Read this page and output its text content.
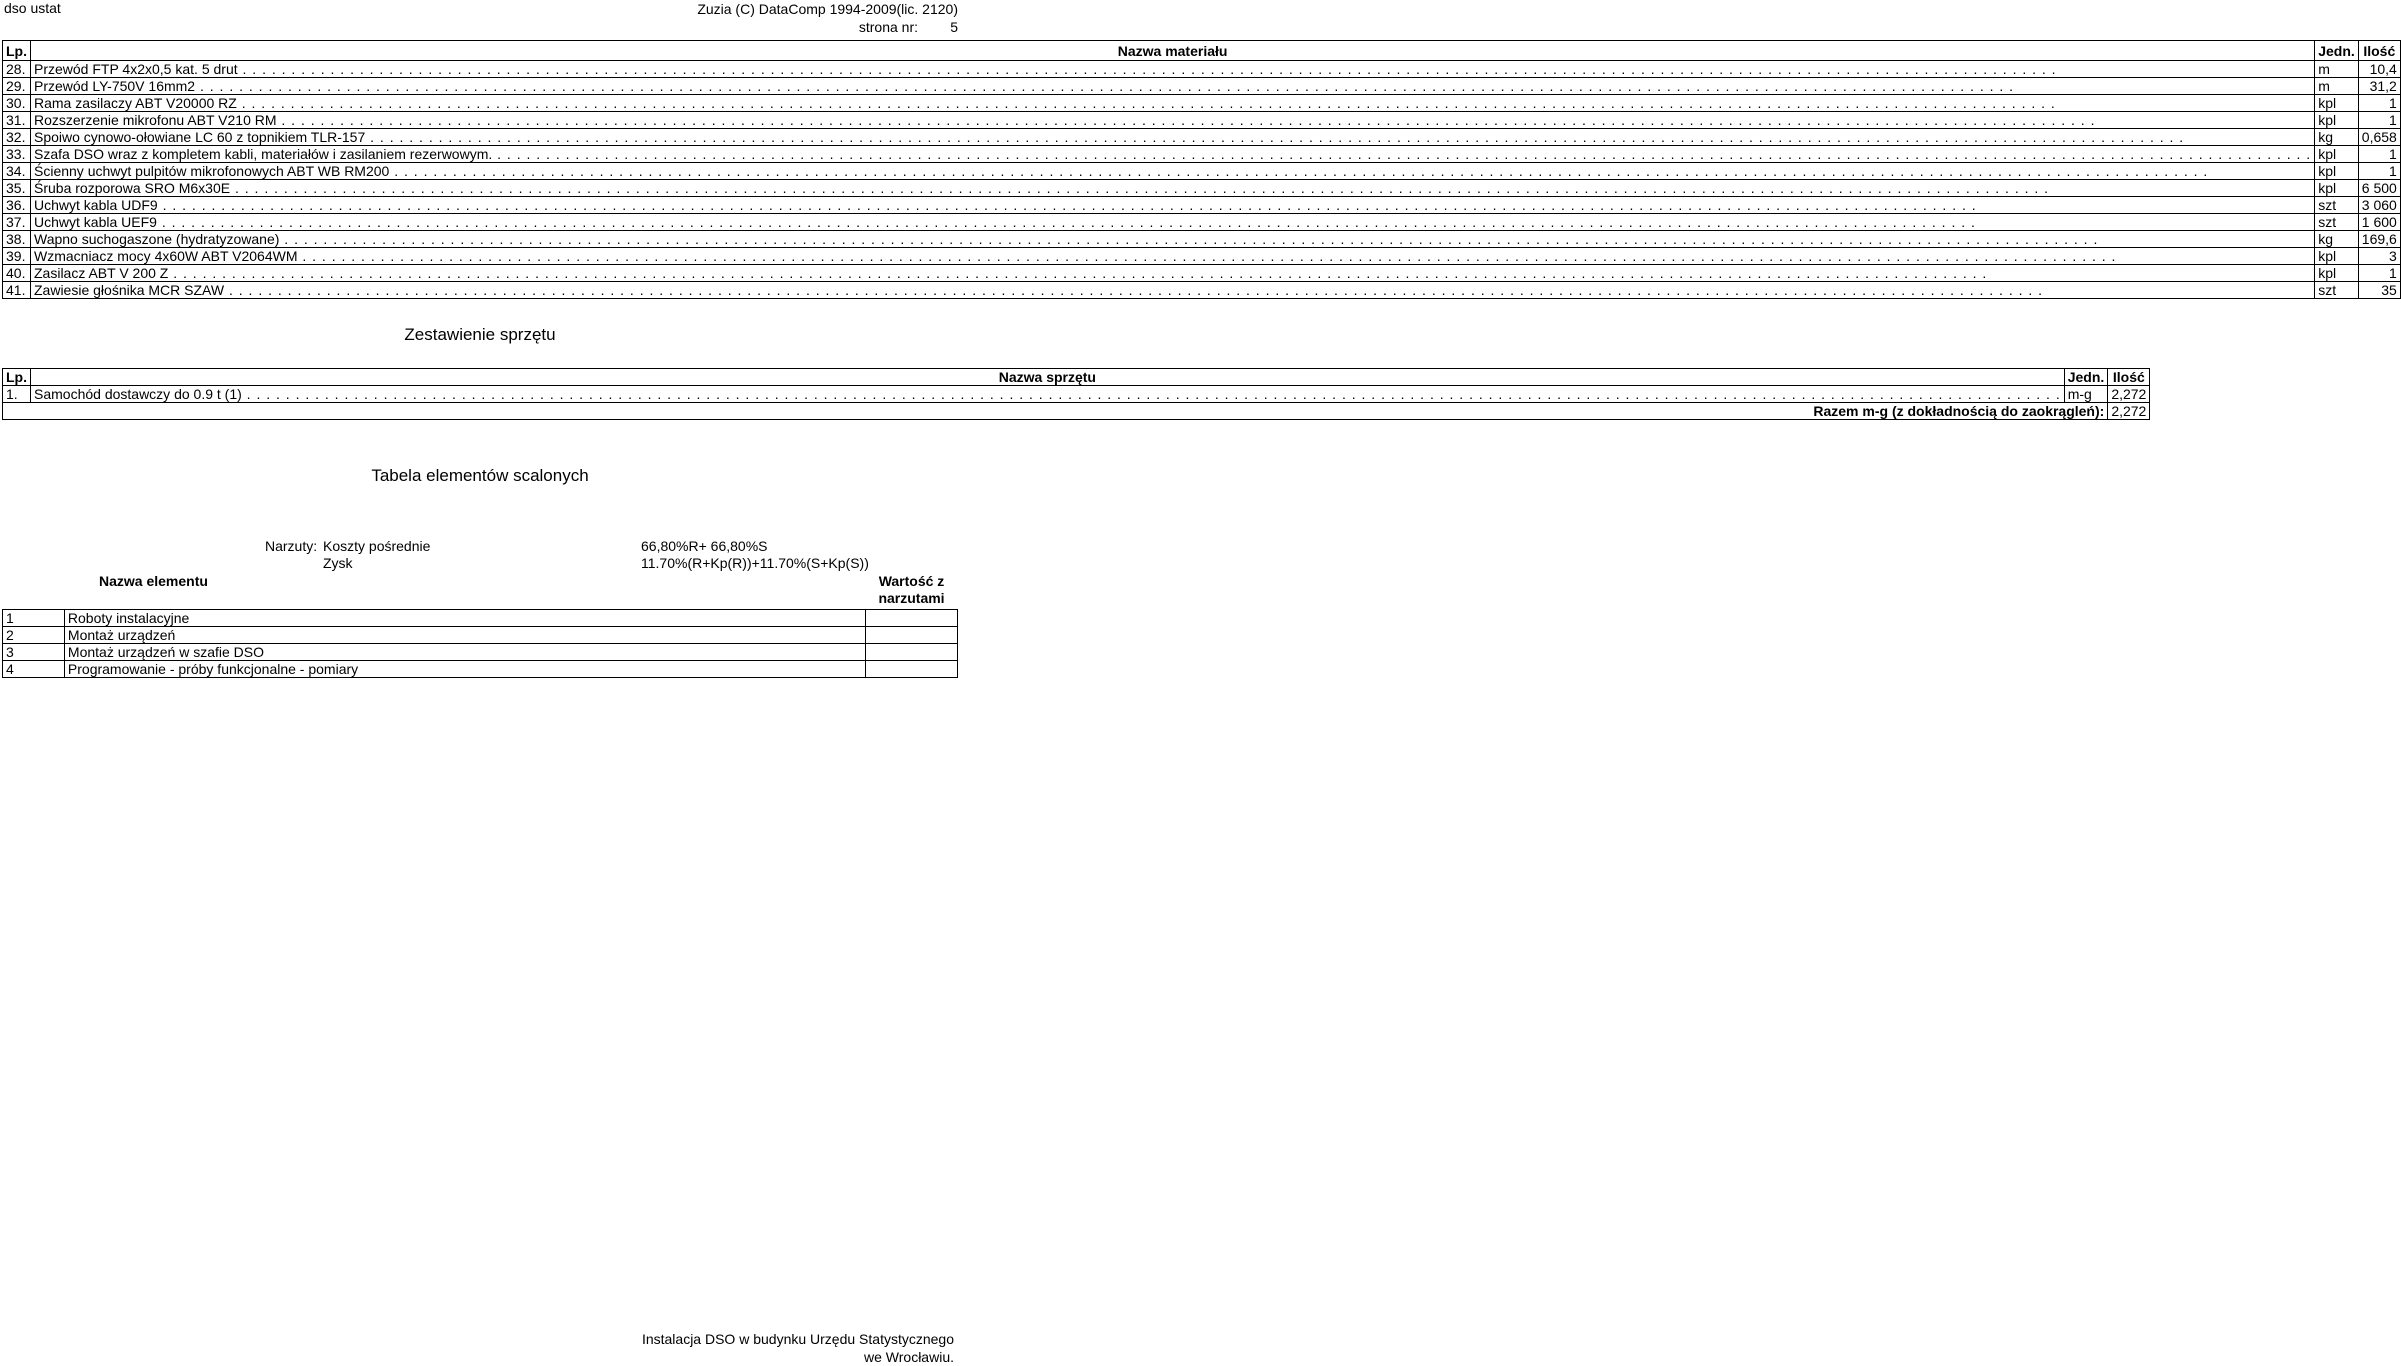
dso ustat	Zuzia (C) DataComp 1994-2009(lic. 2120)
strona nr: 5
Lp.	Nazwa materiału	Jedn.	Ilość
28.	Przewód FTP 4x2x0,5 kat. 5 drut . . .	m	10,4
29.	Przewód LY-750V 16mm2 . . .	m	31,2
30.	Rama zasilaczy ABT V20000 RZ . . .	kpl	1
31.	Rozszerzenie mikrofonu ABT V210 RM . . .	kpl	1
32.	Spoiwo cynowo-ołowiane LC 60 z topnikiem TLR-157 . . .	kg	0,658
33.	Szafa DSO wraz z kompletem kabli, materiałów i zasilaniem rezerwowym. . . .	kpl	1
34.	Ścienny uchwyt pulpitów mikrofonowych ABT WB RM200 . . .	kpl	1
35.	Śruba rozporowa SRO M6x30E . . .	kpl	6 500
36.	Uchwyt kabla UDF9 . . .	szt	3 060
37.	Uchwyt kabla UEF9 . . .	szt	1 600
38.	Wapno suchogaszone (hydratyzowane) . . .	kg	169,6
39.	Wzmacniacz mocy 4x60W ABT V2064WM . . .	kpl	3
40.	Zasilacz ABT V 200 Z . . .	kpl	1
41.	Zawiesie głośnika MCR SZAW . . .	szt	35
Zestawienie sprzętu
Lp.	Nazwa sprzętu	Jedn.	Ilość
1.	Samochód dostawczy do 0.9 t (1) . . .	m-g	2,272
Razem m-g (z dokładnością do zaokrągleń):			2,272
Tabela elementów scalonych
Narzuty: Koszty pośrednie	66,80%R+ 66,80%S
Zysk	11.70%(R+Kp(R))+11.70%(S+Kp(S))
	Nazwa elementu	Wartość z narzutami
1	Roboty instalacyjne	
2	Montaż urządzeń	
3	Montaż urządzeń w szafie DSO	
4	Programowanie - próby funkcjonalne - pomiary	
Instalacja DSO w budynku Urzędu Statystycznego
we Wrocławiu.
